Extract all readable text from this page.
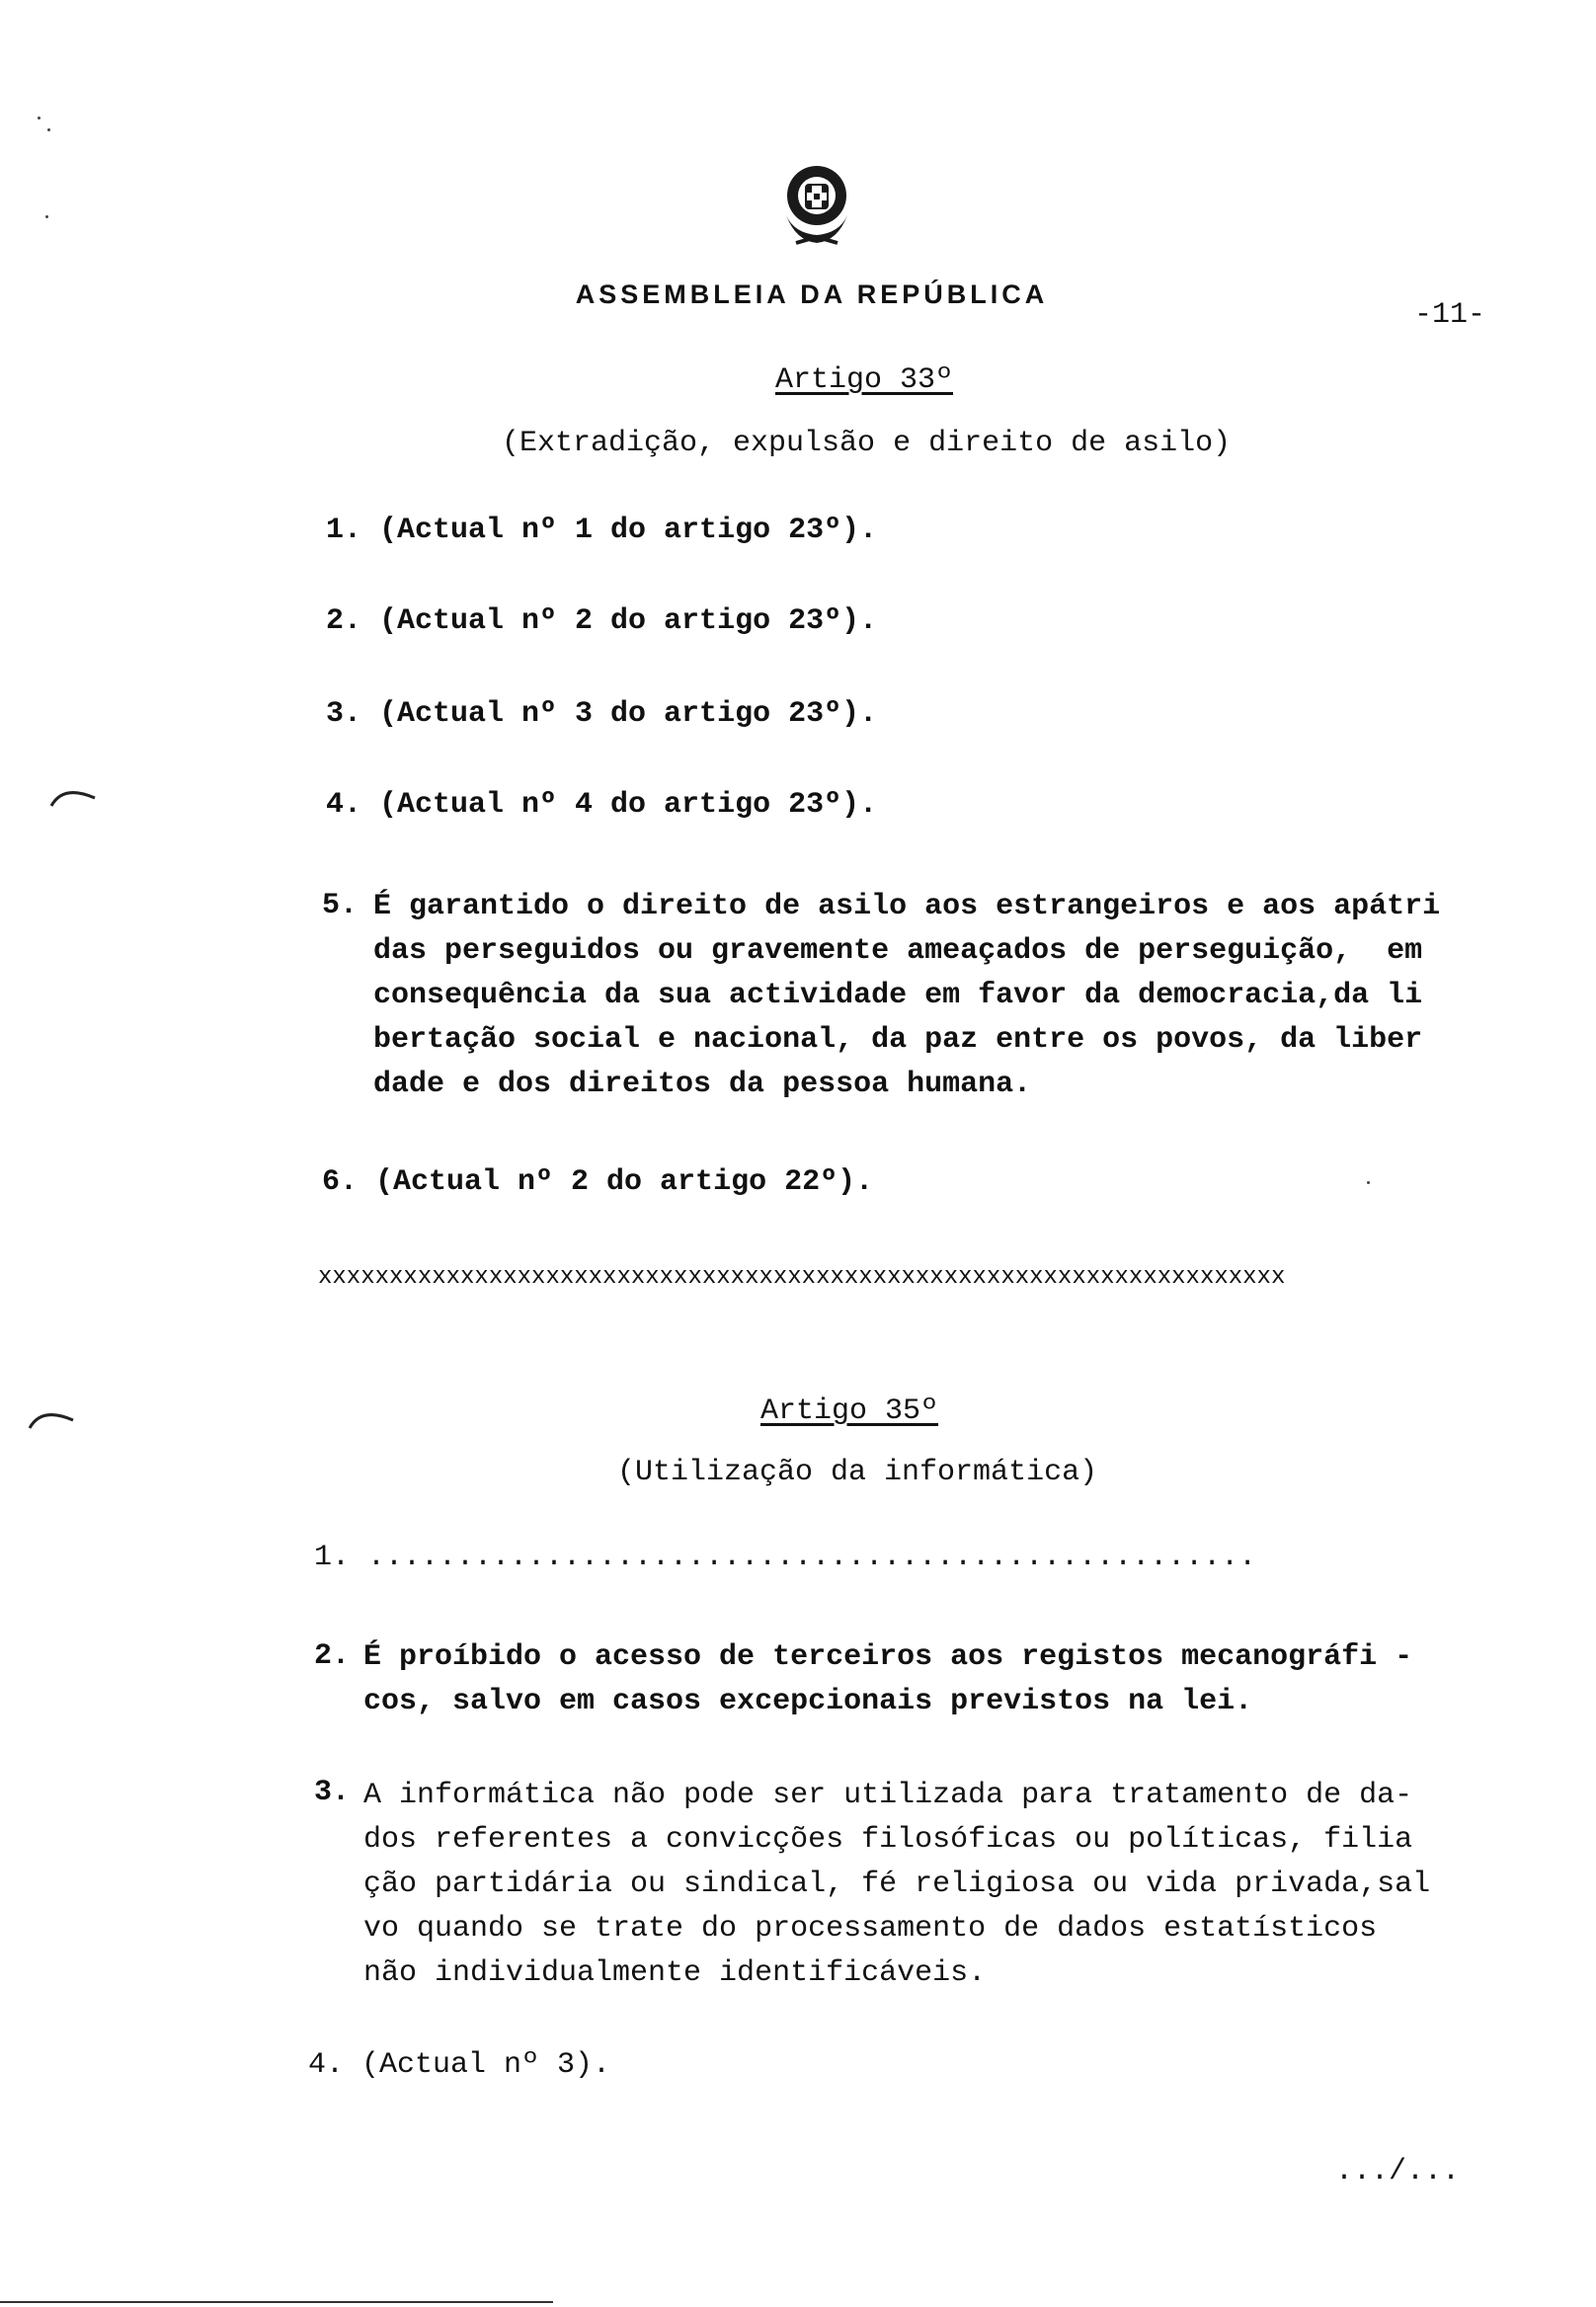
ASSEMBLEIA DA REPÚBLICA
-11-
Artigo 33º
(Extradição, expulsão e direito de asilo)
1. (Actual nº 1 do artigo 23º).
2. (Actual nº 2 do artigo 23º).
3. (Actual nº 3 do artigo 23º).
4. (Actual nº 4 do artigo 23º).
5. É garantido o direito de asilo aos estrangeiros e aos apátri
das perseguidos ou gravemente ameaçados de perseguição,  em
consequência da sua actividade em favor da democracia,da li
bertação social e nacional, da paz entre os povos, da liber
dade e dos direitos da pessoa humana.
6. (Actual nº 2 do artigo 22º).
xxxxxxxxxxxxxxxxxxxxxxxxxxxxxxxxxxxxxxxxxxxxxxxxxxxxxxxxxxxxxxxxxxxx
Artigo 35º
(Utilização da informática)
1. ..................................................
2. É proíbido o acesso de terceiros aos registos mecanográfi -
cos, salvo em casos excepcionais previstos na lei.
3. A informática não pode ser utilizada para tratamento de da-
dos referentes a convicções filosóficas ou políticas, filia
ção partidária ou sindical, fé religiosa ou vida privada,sal
vo quando se trate do processamento de dados estatísticos
não individualmente identificáveis.
4. (Actual nº 3).
.../...
